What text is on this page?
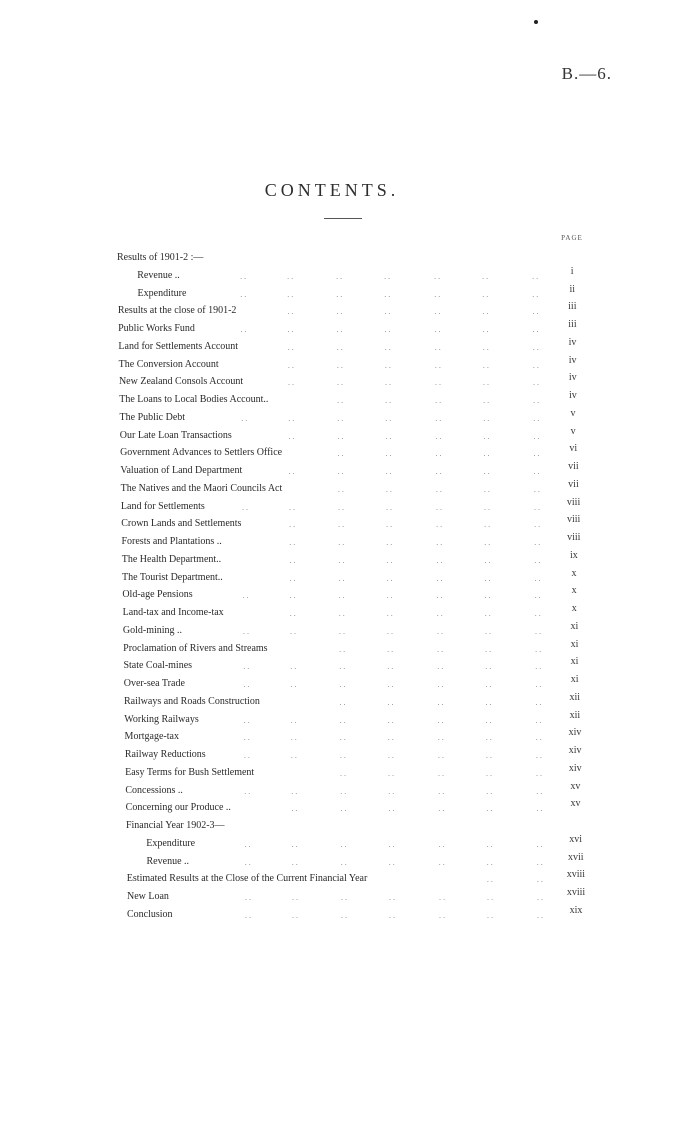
B.—6.
CONTENTS.
PAGE
Results of 1901-2 :—
Revenue ..	. .	. .	. .	. .	. .	. .	. .	i
Expenditure	. .	. .	. .	. .	. .	. .	. .	ii
Results at the close of 1901-2	. .	. .	. .	. .	. .	. .	iii
Public Works Fund	. .	. .	. .	. .	. .	. .	. .	iii
Land for Settlements Account	. .	. .	. .	. .	. .	. .	iv
The Conversion Account	. .	. .	. .	. .	. .	. .	iv
New Zealand Consols Account	. .	. .	. .	. .	. .	. .	iv
The Loans to Local Bodies Account..	. .	. .	. .	. .	. .	iv
The Public Debt	. .	. .	. .	. .	. .	. .	. .	v
Our Late Loan Transactions	. .	. .	. .	. .	. .	. .	v
Government Advances to Settlers Office	. .	. .	. .	. .	. .	vi
Valuation of Land Department	. .	. .	. .	. .	. .	. .	vii
The Natives and the Maori Councils Act	. .	. .	. .	. .	. .	vii
Land for Settlements	. .	. .	. .	. .	. .	. .	. .	viii
Crown Lands and Settlements	. .	. .	. .	. .	. .	. .	viii
Forests and Plantations ..	. .	. .	. .	. .	. .	. .	viii
The Health Department..	. .	. .	. .	. .	. .	. .	ix
The Tourist Department..	. .	. .	. .	. .	. .	. .	x
Old-age Pensions	. .	. .	. .	. .	. .	. .	. .	x
Land-tax and Income-tax	. .	. .	. .	. .	. .	. .	x
Gold-mining ..	. .	. .	. .	. .	. .	. .	. .	xi
Proclamation of Rivers and Streams	. .	. .	. .	. .	. .	xi
State Coal-mines	. .	. .	. .	. .	. .	. .	. .	xi
Over-sea Trade	. .	. .	. .	. .	. .	. .	. .	xi
Railways and Roads Construction	. .	. .	. .	. .	. .	xii
Working Railways	. .	. .	. .	. .	. .	. .	. .	xii
Mortgage-tax	. .	. .	. .	. .	. .	. .	. .	xiv
Railway Reductions	. .	. .	. .	. .	. .	. .	. .	xiv
Easy Terms for Bush Settlement	. .	. .	. .	. .	. .	xiv
Concessions ..	. .	. .	. .	. .	. .	. .	. .	xv
Concerning our Produce ..	. .	. .	. .	. .	. .	. .	xv
Financial Year 1902-3—
Expenditure	. .	. .	. .	. .	. .	. .	. .	xvi
Revenue ..	. .	. .	. .	. .	. .	. .	. .	xvii
Estimated Results at the Close of the Current Financial Year	. .	. .	xviii
New Loan	. .	. .	. .	. .	. .	. .	. .	xviii
Conclusion	. .	. .	. .	. .	. .	. .	. .	xix
